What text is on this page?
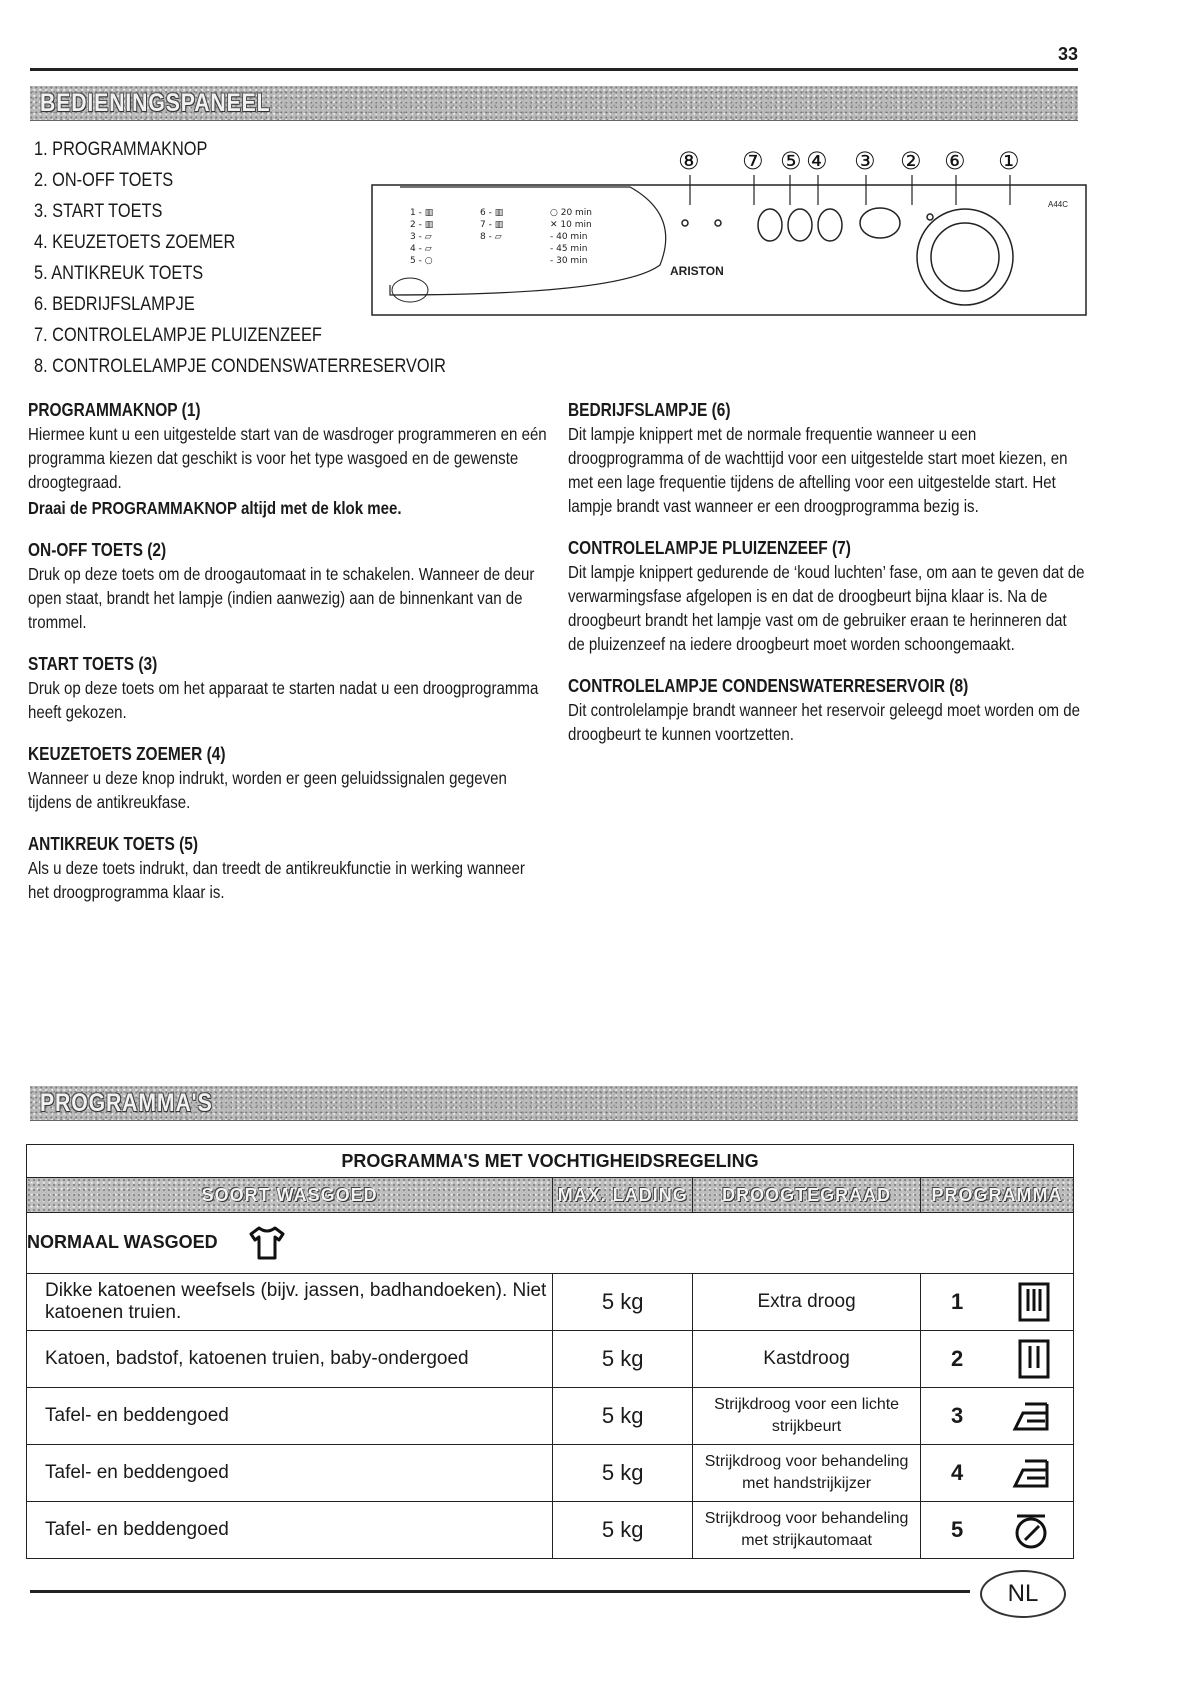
33
BEDIENINGSPANEEL
1. PROGRAMMAKNOP
2. ON-OFF TOETS
3. START TOETS
4. KEUZETOETS ZOEMER
5. ANTIKREUK TOETS
6. BEDRIJFSLAMPJE
7. CONTROLELAMPJE PLUIZENZEEF
8. CONTROLELAMPJE CONDENSWATERRESERVOIR
⑧ ⑦ ⑤ ④ ③ ② ⑥ ①
1 - ▥
2 - ▥
3 - ⏥
4 - ⏥
5 - ○
6 - ▥
7 - ▥
8 - ⏥
○ 20 min
✕ 10 min
- 40 min
- 45 min
- 30 min
ARISTON
A44C
PROGRAMMAKNOP (1)

Hiermee kunt u een uitgestelde start van de wasdroger programmeren en eén programma kiezen dat geschikt is voor het type wasgoed en de gewenste droogtegraad.

Draai de PROGRAMMAKNOP altijd met de klok mee.

ON-OFF TOETS (2)

Druk op deze toets om de droogautomaat in te schakelen. Wanneer de deur open staat, brandt het lampje (indien aanwezig) aan de binnenkant van de trommel.

START TOETS (3)

Druk op deze toets om het apparaat te starten nadat u een droogprogramma heeft gekozen.

KEUZETOETS ZOEMER (4)

Wanneer u deze knop indrukt, worden er geen geluidssignalen gegeven tijdens de antikreukfase.

ANTIKREUK TOETS (5)

Als u deze toets indrukt, dan treedt de antikreukfunctie in werking wanneer het droogprogramma klaar is.

BEDRIJFSLAMPJE (6)

Dit lampje knippert met de normale frequentie wanneer u een droogprogramma of de wachttijd voor een uitgestelde start moet kiezen, en met een lage frequentie tijdens de aftelling voor een uitgestelde start. Het lampje brandt vast wanneer er een droogprogramma bezig is.

CONTROLELAMPJE PLUIZENZEEF (7)

Dit lampje knippert gedurende de ‘koud luchten’ fase, om aan te geven dat de verwarmingsfase afgelopen is en dat de droogbeurt bijna klaar is. Na de droogbeurt brandt het lampje vast om de gebruiker eraan te herinneren dat de pluizenzeef na iedere droogbeurt moet worden schoongemaakt.

CONTROLELAMPJE CONDENSWATERRESERVOIR (8)

Dit controlelampje brandt wanneer het reservoir geleegd moet worden om de droogbeurt te kunnen voortzetten.

PROGRAMMA'S
PROGRAMMA'S MET VOCHTIGHEIDSREGELING			
SOORT WASGOED	MAX. LADING	DROOGTEGRAAD	PROGRAMMA
NORMAAL WASGOED			
Dikke katoenen weefsels (bijv. jassen, badhandoeken). Niet katoenen truien.	5 kg	Extra droog	1

Katoen, badstof, katoenen truien, baby-ondergoed	5 kg	Kastdroog	2

Tafel- en beddengoed	5 kg	Strijkdroog voor een lichte strijkbeurt	3

Tafel- en beddengoed	5 kg	Strijkdroog voor behandeling met handstrijkijzer	4

Tafel- en beddengoed	5 kg	Strijkdroog voor behandeling met strijkautomaat	5
NL
